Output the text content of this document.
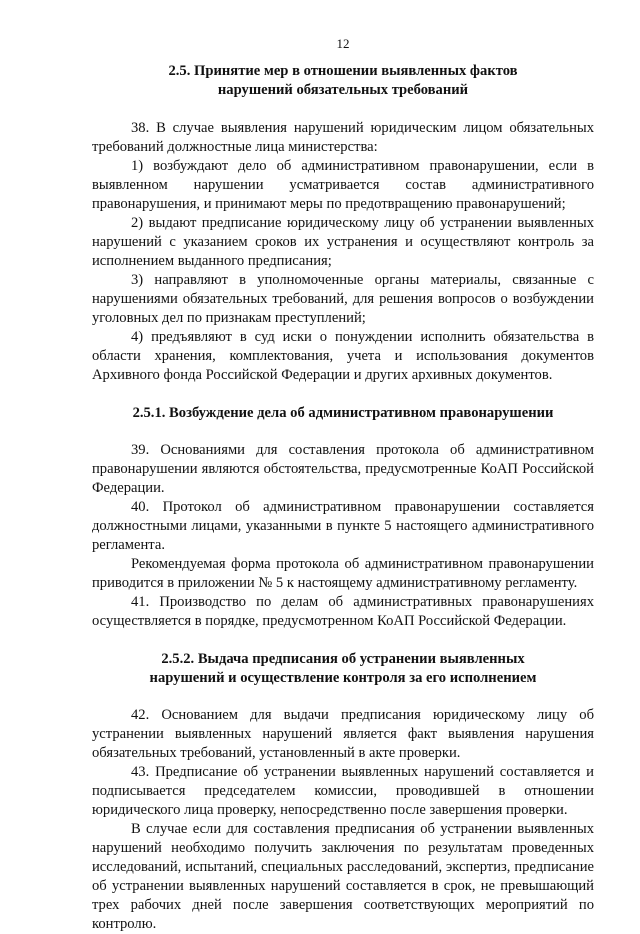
12
2.5. Принятие мер в отношении выявленных фактов
нарушений обязательных требований

38. В случае выявления нарушений юридическим лицом обязательных требований должностные лица министерства:

1) возбуждают дело об административном правонарушении, если в выявленном нарушении усматривается состав административного правонарушения, и принимают меры по предотвращению правонарушений;

2) выдают предписание юридическому лицу об устранении выявленных нарушений с указанием сроков их устранения и осуществляют контроль за исполнением выданного предписания;

3) направляют в уполномоченные органы материалы, связанные с нарушениями обязательных требований, для решения вопросов о возбуждении уголовных дел по признакам преступлений;

4) предъявляют в суд иски о понуждении исполнить обязательства в области хранения, комплектования, учета и использования документов Архивного фонда Российской Федерации и других архивных документов.

2.5.1. Возбуждение дела об административном правонарушении

39. Основаниями для составления протокола об административном правонарушении являются обстоятельства, предусмотренные КоАП Российской Федерации.

40. Протокол об административном правонарушении составляется должностными лицами, указанными в пункте 5 настоящего административного регламента.

Рекомендуемая форма протокола об административном правонарушении приводится в приложении № 5 к настоящему административному регламенту.

41. Производство по делам об административных правонарушениях осуществляется в порядке, предусмотренном КоАП Российской Федерации.

2.5.2. Выдача предписания об устранении выявленных
нарушений и осуществление контроля за его исполнением

42. Основанием для выдачи предписания юридическому лицу об устранении выявленных нарушений является факт выявления нарушения обязательных требований, установленный в акте проверки.

43. Предписание об устранении выявленных нарушений составляется и подписывается председателем комиссии, проводившей в отношении юридического лица проверку, непосредственно после завершения проверки.

В случае если для составления предписания об устранении выявленных нарушений необходимо получить заключения по результатам проведенных исследований, испытаний, специальных расследований, экспертиз, предписание об устранении выявленных нарушений составляется в срок, не превышающий трех рабочих дней после завершения соответствующих мероприятий по контролю.
